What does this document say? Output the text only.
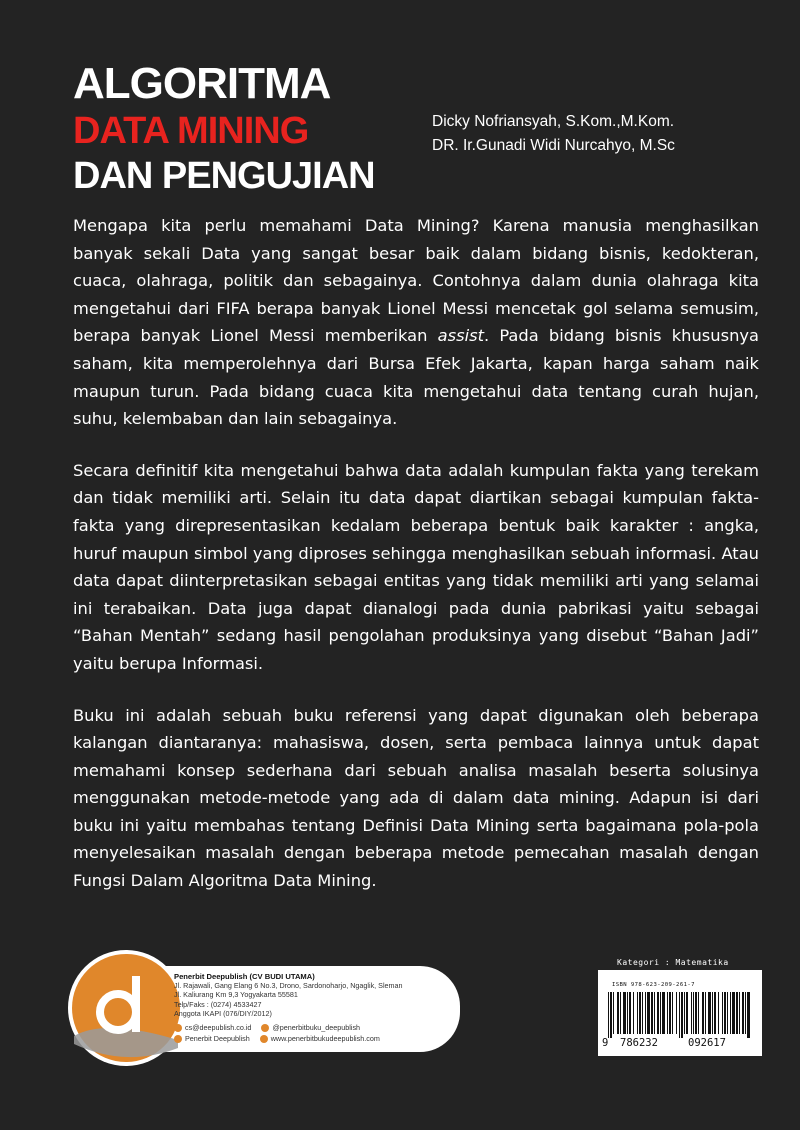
ALGORITMA
DATA MINING
DAN PENGUJIAN
Dicky Nofriansyah, S.Kom.,M.Kom.
DR. Ir.Gunadi Widi Nurcahyo, M.Sc

Mengapa kita perlu memahami Data Mining? Karena manusia menghasilkan banyak sekali Data yang sangat besar baik dalam bidang bisnis, kedokteran, cuaca, olahraga, politik dan sebagainya. Contohnya dalam dunia olahraga kita mengetahui dari FIFA berapa banyak Lionel Messi mencetak gol selama semusim, berapa banyak Lionel Messi memberikan assist. Pada bidang bisnis khususnya saham, kita memperolehnya dari Bursa Efek Jakarta, kapan harga saham naik maupun turun. Pada bidang cuaca kita mengetahui data tentang curah hujan, suhu, kelembaban dan lain sebagainya.

Secara definitif kita mengetahui bahwa data adalah kumpulan fakta yang terekam dan tidak memiliki arti. Selain itu data dapat diartikan sebagai kumpulan fakta-fakta yang direpresentasikan kedalam beberapa bentuk baik karakter : angka, huruf maupun simbol yang diproses sehingga menghasilkan sebuah informasi. Atau data dapat diinterpretasikan sebagai entitas yang tidak memiliki arti yang selamai ini terabaikan. Data juga dapat dianalogi pada dunia pabrikasi yaitu sebagai “Bahan Mentah” sedang hasil pengolahan produksinya yang disebut “Bahan Jadi” yaitu berupa Informasi.

Buku ini adalah sebuah buku referensi yang dapat digunakan oleh beberapa kalangan diantaranya: mahasiswa, dosen, serta pembaca lainnya untuk dapat memahami konsep sederhana dari sebuah analisa masalah beserta solusinya menggunakan metode-metode yang ada di dalam data mining. Adapun isi dari buku ini yaitu membahas tentang Definisi Data Mining serta bagaimana pola-pola menyelesaikan masalah dengan beberapa metode pemecahan masalah dengan Fungsi Dalam Algoritma Data Mining.

Penerbit Deepublish (CV BUDI UTAMA)
Jl. Rajawali, Gang Elang 6 No.3, Drono, Sardonoharjo, Ngaglik, Sleman
Jl. Kaliurang Km 9,3 Yogyakarta 55581
Telp/Faks : (0274) 4533427
Anggota IKAPI (076/DIY/2012)
cs@deepublish.co.id	@penerbitbuku_deepublish
Penerbit Deepublish	www.penerbitbukudeepublish.com
Kategori : Matematika
ISBN 978-623-209-261-7
9 786232	092617
